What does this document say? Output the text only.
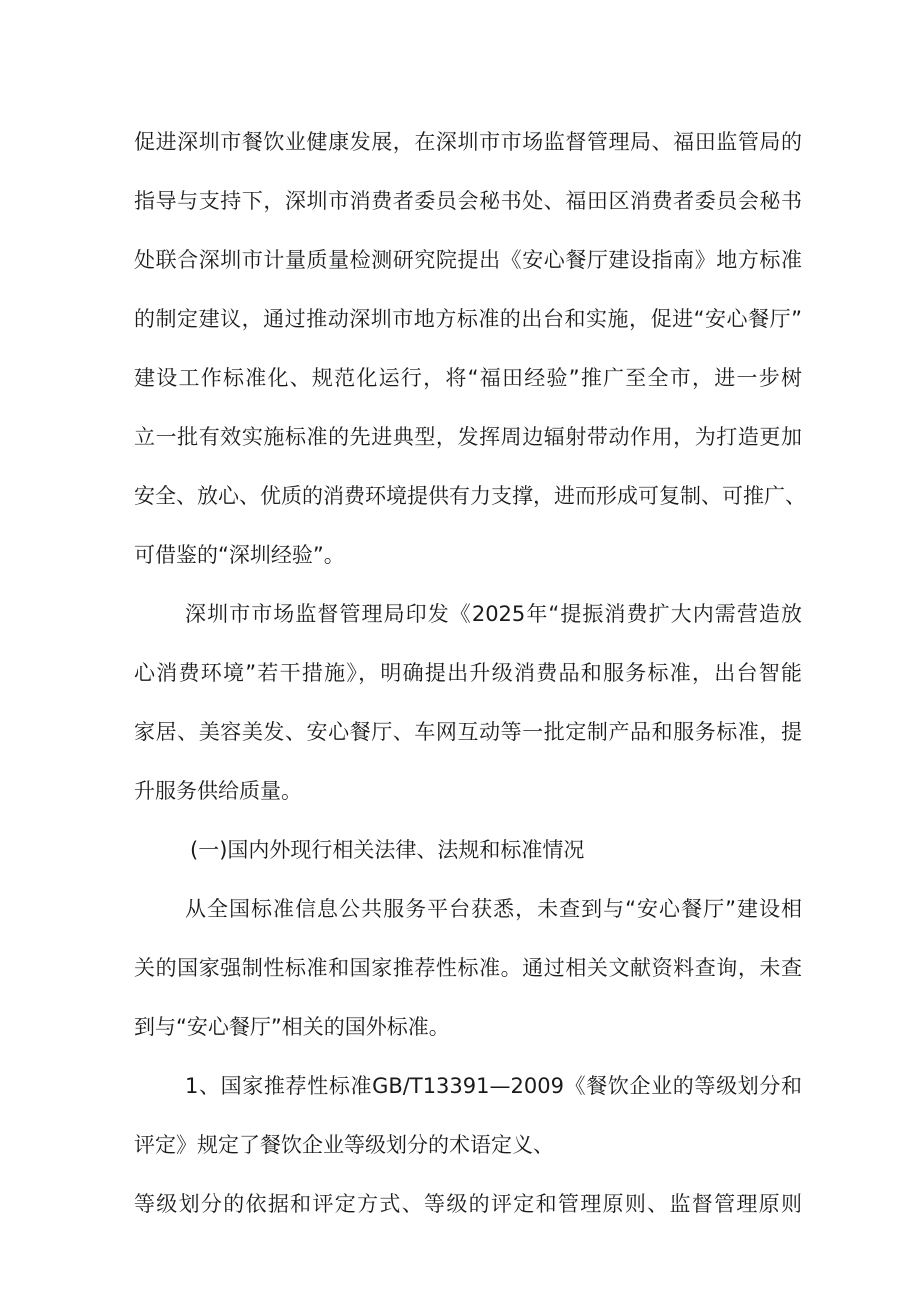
促进深圳市餐饮业健康发展，在深圳市市场监督管理局、福田监管局的
指导与支持下，深圳市消费者委员会秘书处、福田区消费者委员会秘书
处联合深圳市计量质量检测研究院提出《安心餐厅建设指南》地方标准
的制定建议，通过推动深圳市地方标准的出台和实施，促进“安心餐厅”
建设工作标准化、规范化运行，将“福田经验”推广至全市，进一步树
立一批有效实施标准的先进典型，发挥周边辐射带动作用，为打造更加
安全、放心、优质的消费环境提供有力支撑，进而形成可复制、可推广、
可借鉴的“深圳经验”。
深圳市市场监督管理局印发《2025年“提振消费扩大内需营造放
心消费环境”若干措施》，明确提出升级消费品和服务标准，出台智能
家居、美容美发、安心餐厅、车网互动等一批定制产品和服务标准，提
升服务供给质量。
(一)国内外现行相关法律、法规和标准情况
从全国标准信息公共服务平台获悉，未查到与“安心餐厅”建设相
关的国家强制性标准和国家推荐性标准。通过相关文献资料查询，未查
到与“安心餐厅”相关的国外标准。
1、国家推荐性标准GB/T13391—2009《餐饮企业的等级划分和
评定》规定了餐饮企业等级划分的术语定义、
等级划分的依据和评定方式、等级的评定和管理原则、监督管理原则
